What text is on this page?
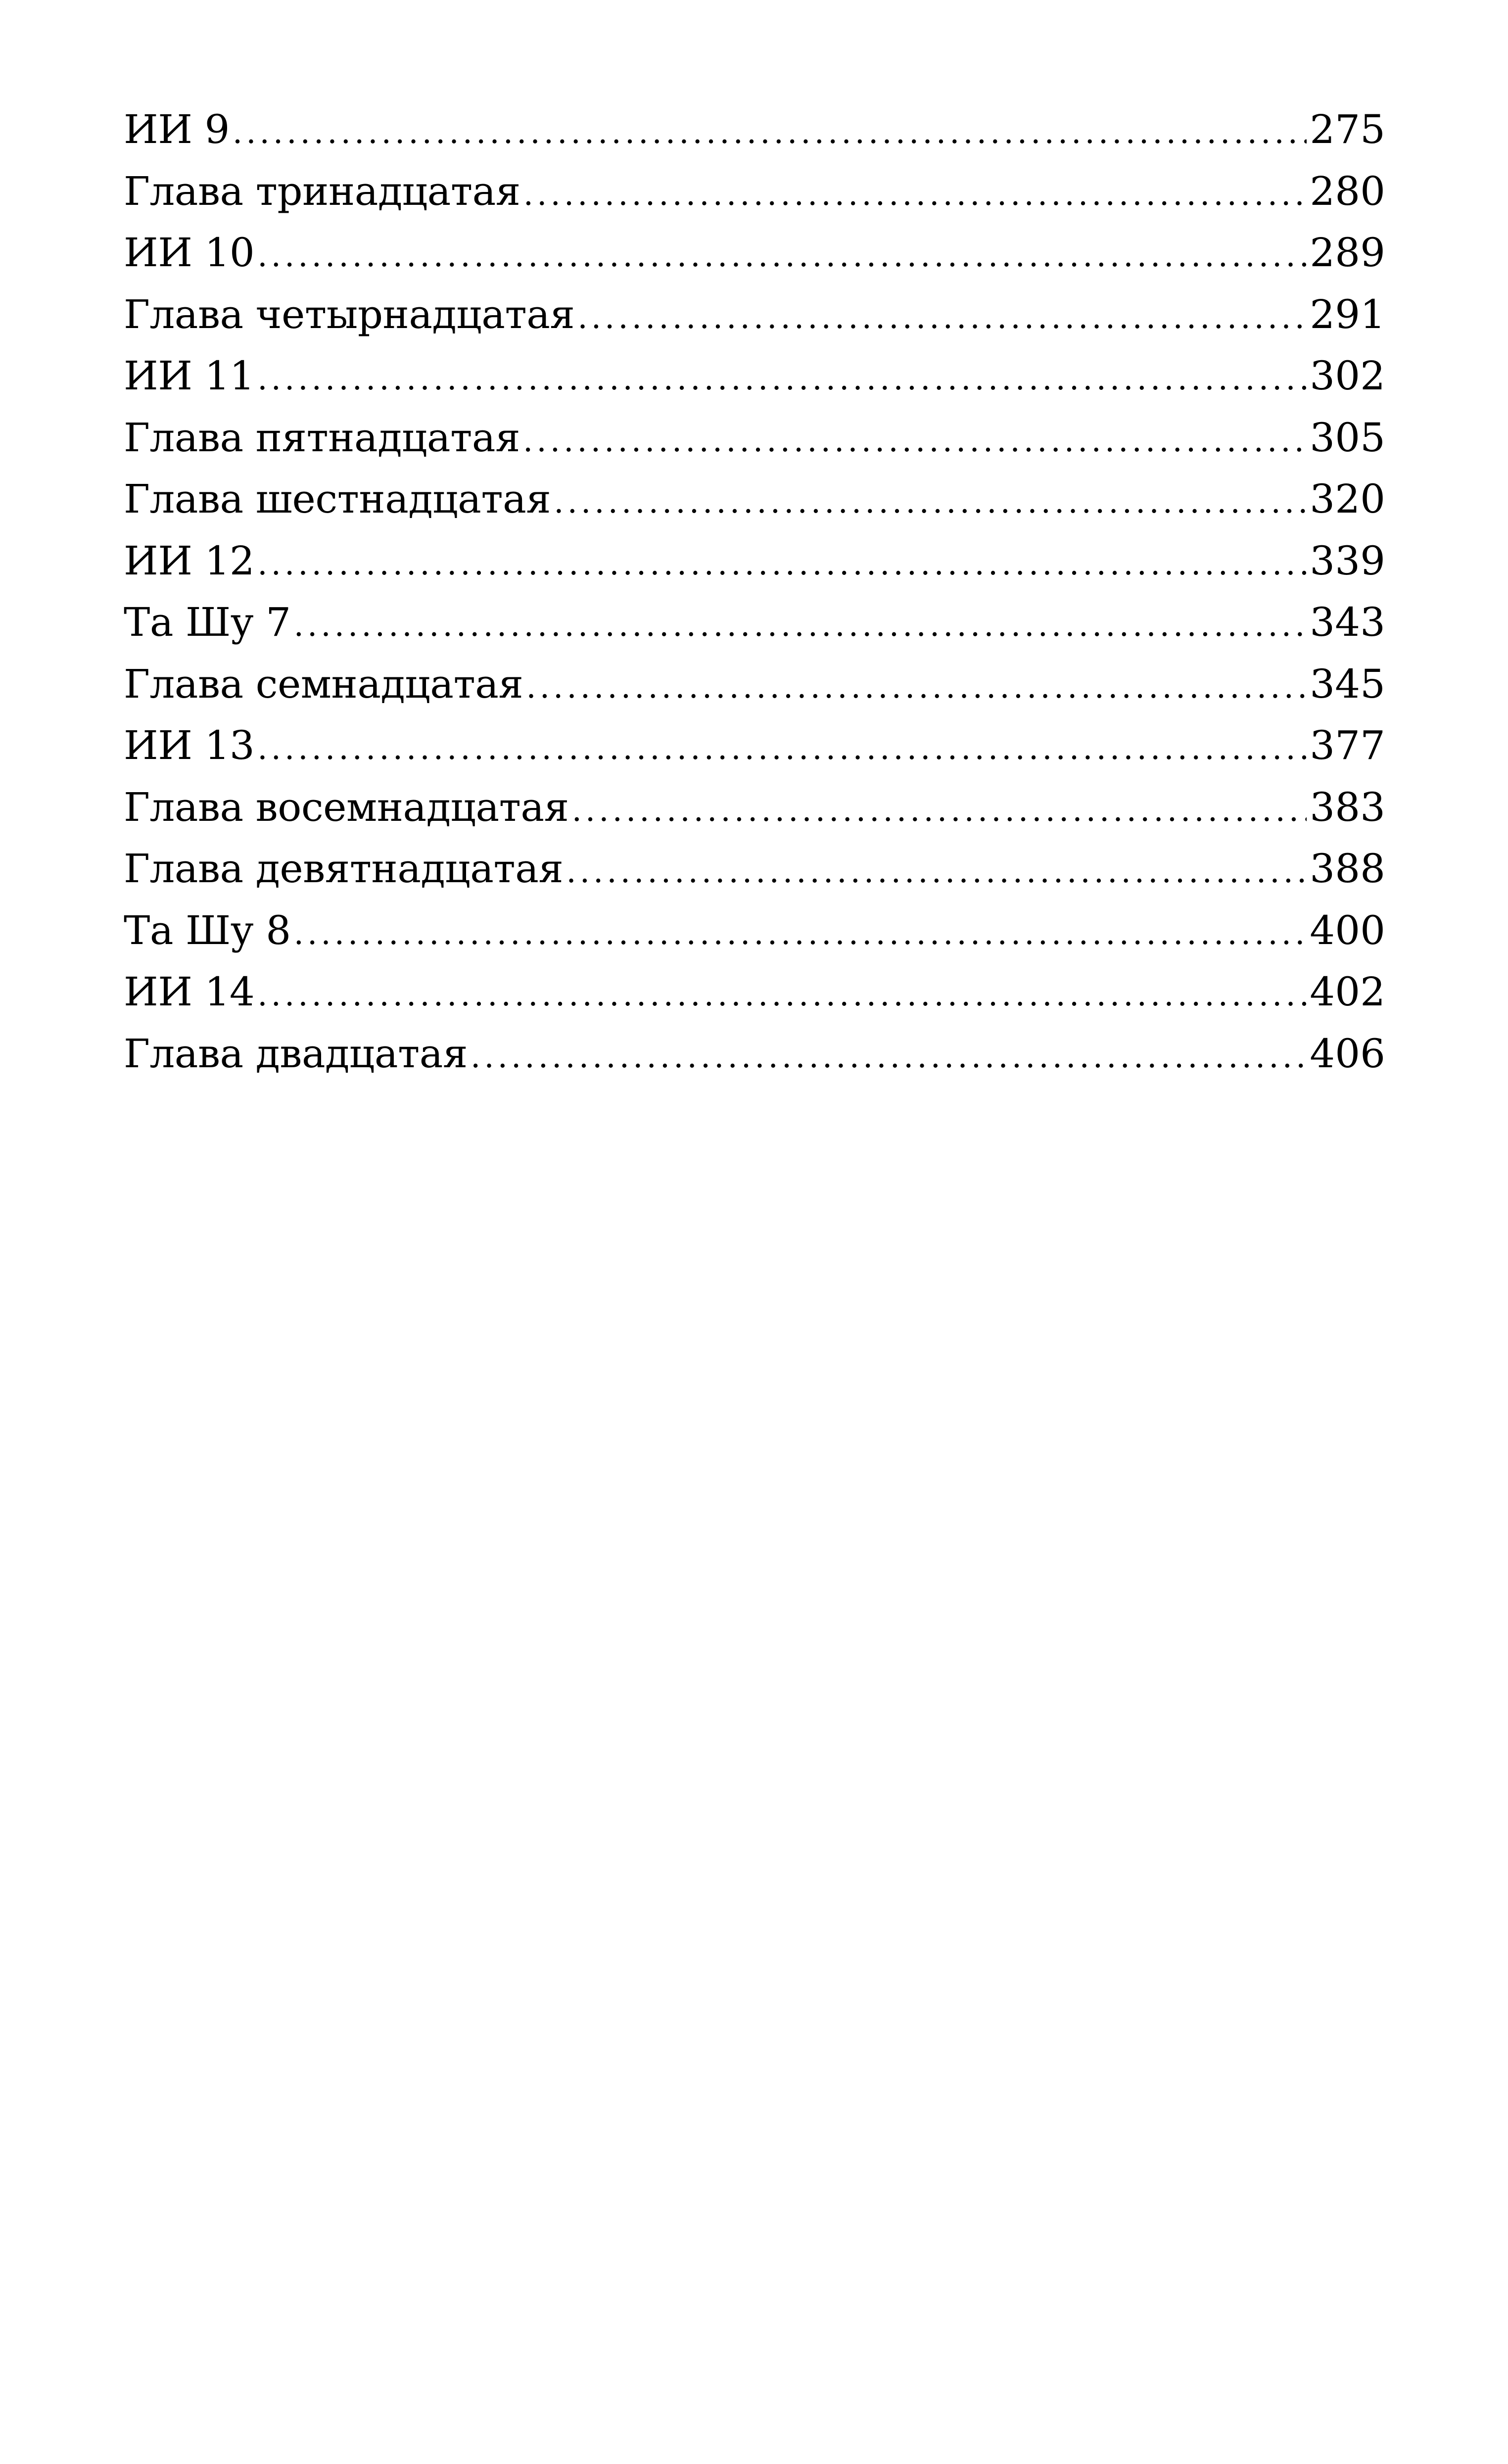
ИИ 9 .....	275
Глава тринадцатая .....	280
ИИ 10 .....	289
Глава четырнадцатая .....	291
ИИ 11 .....	302
Глава пятнадцатая .....	305
Глава шестнадцатая .....	320
ИИ 12 .....	339
Та Шу 7 .....	343
Глава семнадцатая .....	345
ИИ 13 .....	377
Глава восемнадцатая .....	383
Глава девятнадцатая .....	388
Та Шу 8 .....	400
ИИ 14 .....	402
Глава двадцатая .....	406
